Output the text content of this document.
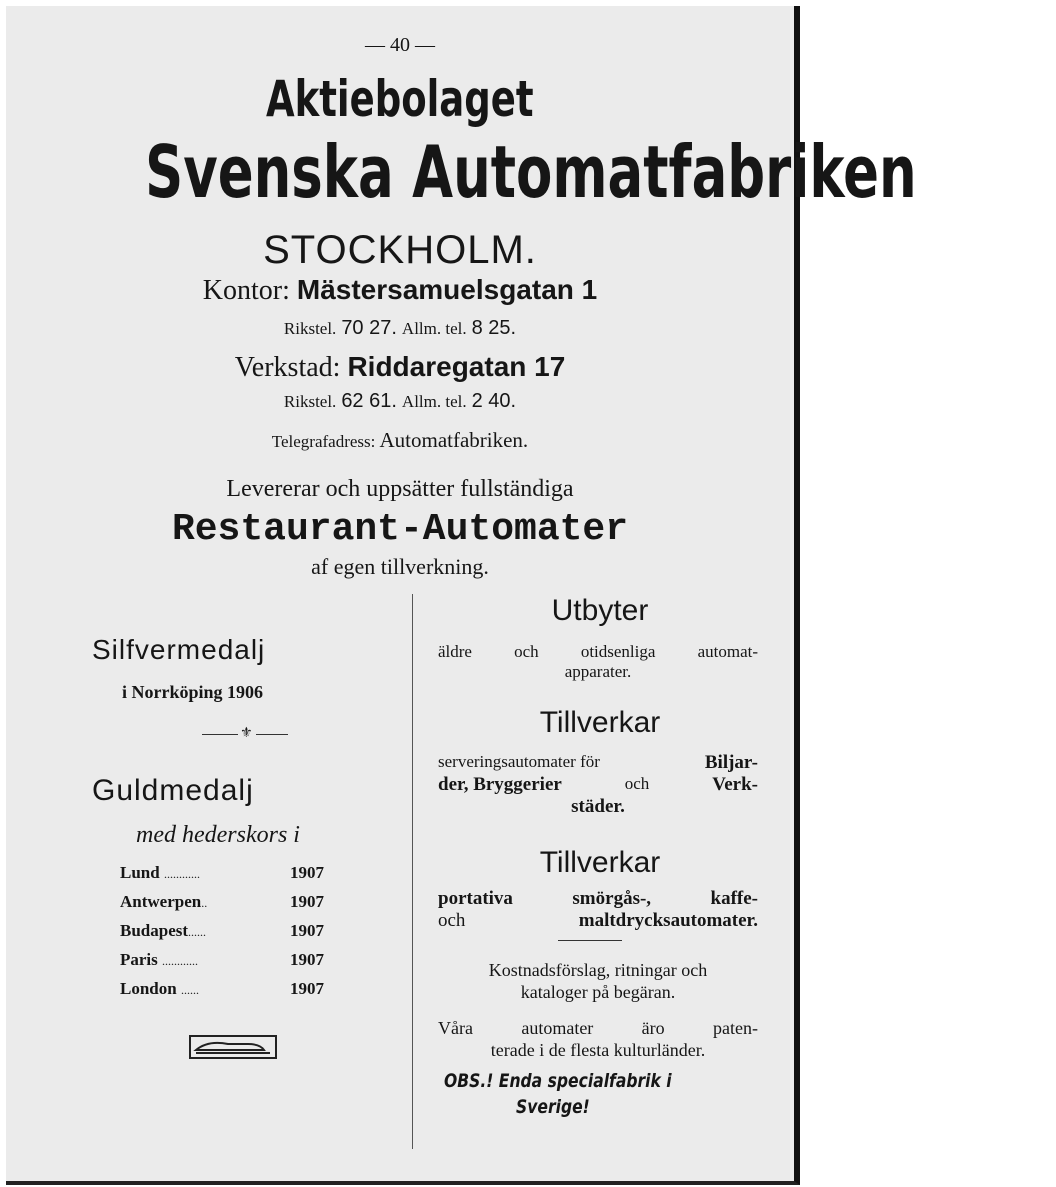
— 40 —
Aktiebolaget
Svenska Automatfabriken
STOCKHOLM.
Kontor: Mästersamuelsgatan 1
Rikstel. 70 27. Allm. tel. 8 25.
Verkstad: Riddaregatan 17
Rikstel. 62 61. Allm. tel. 2 40.
Telegrafadress: Automatfabriken.
Levererar och uppsätter fullständiga
Restaurant-Automater
af egen tillverkning.
Silfvermedalj
i Norrköping 1906
⚜
Guldmedalj
med hederskors i
Lund ............	1907
Antwerpen..	1907
Budapest......	1907
Paris ............	1907
London ......	1907
Utbyter
äldre och otidsenliga automat-
apparater.
Tillverkar
serveringsautomater för	Biljar-
der, Bryggerier	och	Verk-
städer.
Tillverkar
portativa smörgås-, kaffe-
och	maltdrycksautomater.
Kostnadsförslag, ritningar och
kataloger på begäran.
Våra automater äro paten-
terade i de flesta kulturländer.
OBS.! Enda specialfabrik i
Sverige!
